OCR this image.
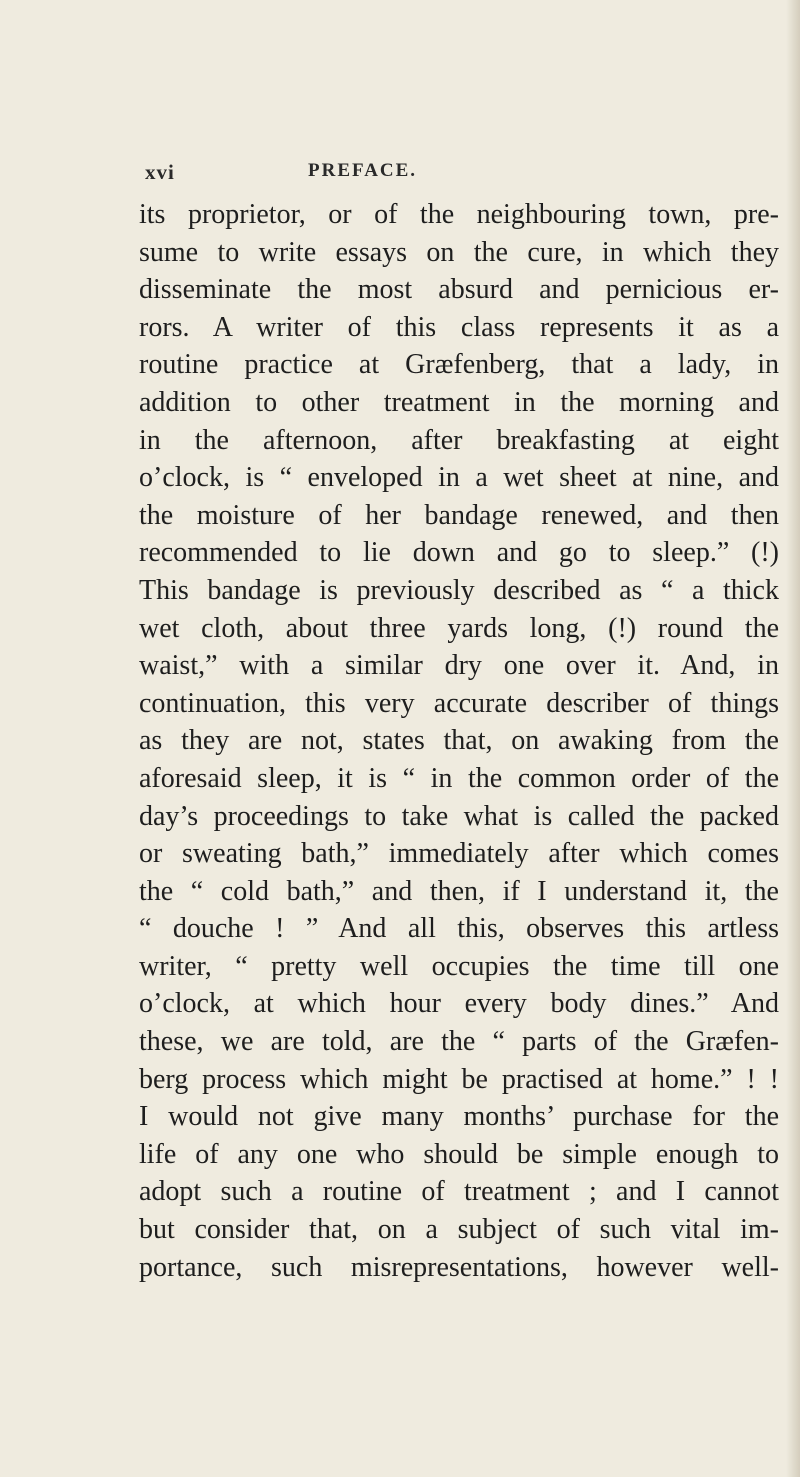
xvi	PREFACE.
its proprietor, or of the neighbouring town, pre-
sume to write essays on the cure, in which they
disseminate the most absurd and pernicious er-
rors. A writer of this class represents it as a
routine practice at Græfenberg, that a lady, in
addition to other treatment in the morning and
in the afternoon, after breakfasting at eight
o’clock, is “ enveloped in a wet sheet at nine, and
the moisture of her bandage renewed, and then
recommended to lie down and go to sleep.” (!)
This bandage is previously described as “ a thick
wet cloth, about three yards long, (!) round the
waist,” with a similar dry one over it. And, in
continuation, this very accurate describer of things
as they are not, states that, on awaking from the
aforesaid sleep, it is “ in the common order of the
day’s proceedings to take what is called the packed
or sweating bath,” immediately after which comes
the “ cold bath,” and then, if I understand it, the
“ douche ! ” And all this, observes this artless
writer, “ pretty well occupies the time till one
o’clock, at which hour every body dines.” And
these, we are told, are the “ parts of the Græfen-
berg process which might be practised at home.” ! !
I would not give many months’ purchase for the
life of any one who should be simple enough to
adopt such a routine of treatment ; and I cannot
but consider that, on a subject of such vital im-
portance, such misrepresentations, however well-
